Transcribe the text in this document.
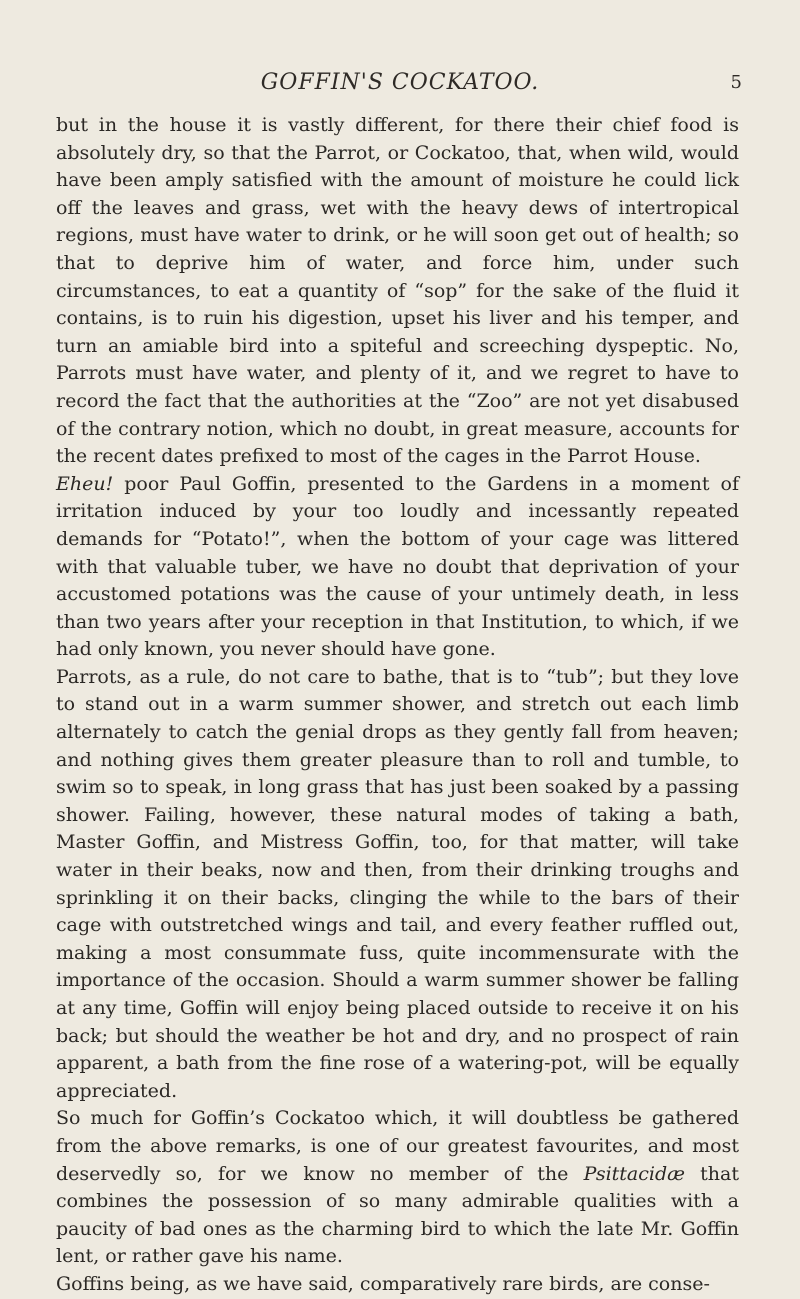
GOFFIN'S COCKATOO.	5

but in the house it is vastly different, for there their chief food is absolutely dry, so that the Parrot, or Cockatoo, that, when wild, would have been amply satisfied with the amount of moisture he could lick off the leaves and grass, wet with the heavy dews of intertropical regions, must have water to drink, or he will soon get out of health; so that to deprive him of water, and force him, under such circumstances, to eat a quantity of “sop” for the sake of the fluid it contains, is to ruin his digestion, upset his liver and his temper, and turn an amiable bird into a spiteful and screeching dyspeptic. No, Parrots must have water, and plenty of it, and we regret to have to record the fact that the authorities at the “Zoo” are not yet disabused of the contrary notion, which no doubt, in great measure, accounts for the recent dates prefixed to most of the cages in the Parrot House.

Eheu! poor Paul Goffin, presented to the Gardens in a moment of irritation induced by your too loudly and incessantly repeated demands for “Potato!”, when the bottom of your cage was littered with that valuable tuber, we have no doubt that deprivation of your accustomed potations was the cause of your untimely death, in less than two years after your reception in that Institution, to which, if we had only known, you never should have gone.

Parrots, as a rule, do not care to bathe, that is to “tub”; but they love to stand out in a warm summer shower, and stretch out each limb alternately to catch the genial drops as they gently fall from heaven; and nothing gives them greater pleasure than to roll and tumble, to swim so to speak, in long grass that has just been soaked by a passing shower. Failing, however, these natural modes of taking a bath, Master Goffin, and Mistress Goffin, too, for that matter, will take water in their beaks, now and then, from their drinking troughs and sprinkling it on their backs, clinging the while to the bars of their cage with outstretched wings and tail, and every feather ruffled out, making a most consummate fuss, quite incommensurate with the importance of the occasion. Should a warm summer shower be falling at any time, Goffin will enjoy being placed outside to receive it on his back; but should the weather be hot and dry, and no prospect of rain apparent, a bath from the fine rose of a watering-pot, will be equally appreciated.

So much for Goffin’s Cockatoo which, it will doubtless be gathered from the above remarks, is one of our greatest favourites, and most deservedly so, for we know no member of the Psittacidæ that combines the possession of so many admirable qualities with a paucity of bad ones as the charming bird to which the late Mr. Goffin lent, or rather gave his name.

Goffins being, as we have said, comparatively rare birds, are conse-
